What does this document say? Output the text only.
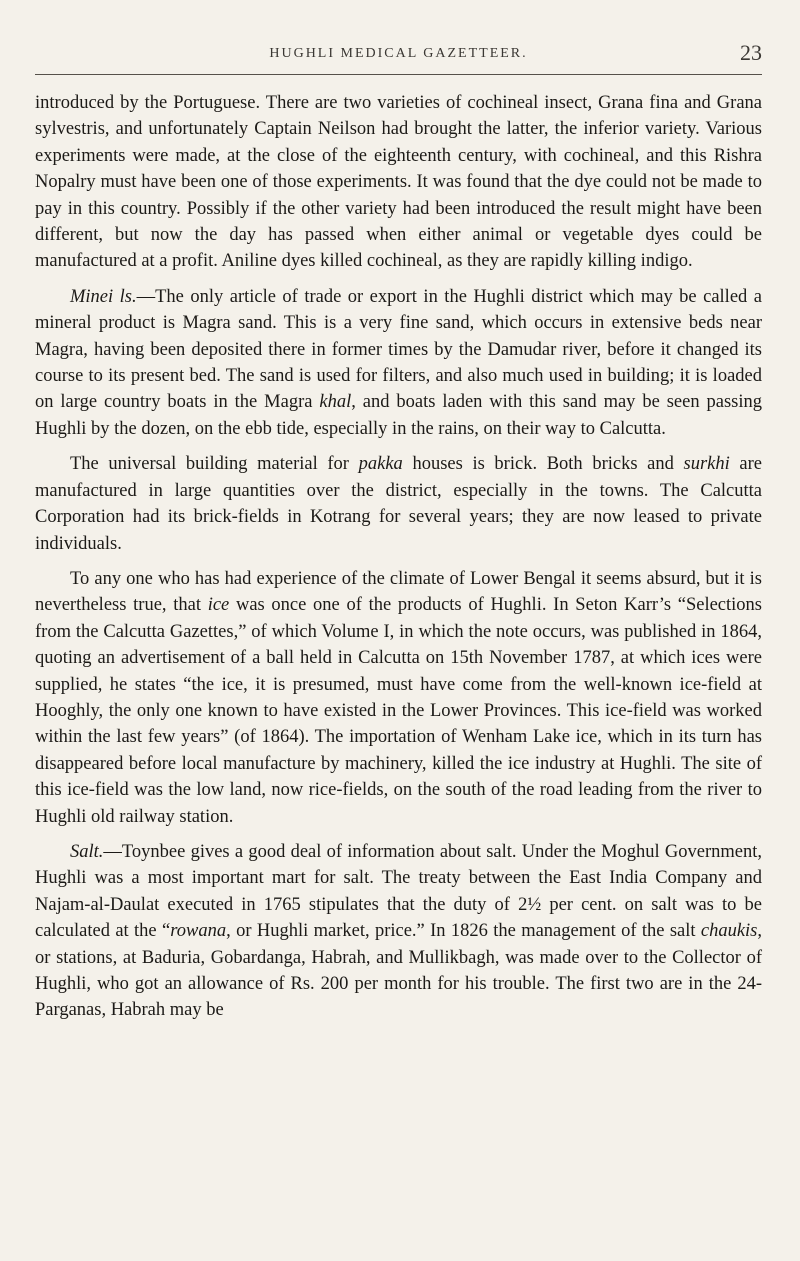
HUGHLI MEDICAL GAZETTEER.	23

introduced by the Portuguese. There are two varieties of cochineal insect, Grana fina and Grana sylvestris, and unfortunately Captain Neilson had brought the latter, the inferior variety. Various experiments were made, at the close of the eighteenth century, with cochineal, and this Rishra Nopalry must have been one of those experiments. It was found that the dye could not be made to pay in this country. Possibly if the other variety had been introduced the result might have been different, but now the day has passed when either animal or vegetable dyes could be manufactured at a profit. Aniline dyes killed cochineal, as they are rapidly killing indigo.

Minei ls.—The only article of trade or export in the Hughli district which may be called a mineral product is Magra sand. This is a very fine sand, which occurs in extensive beds near Magra, having been deposited there in former times by the Damudar river, before it changed its course to its present bed. The sand is used for filters, and also much used in building; it is loaded on large country boats in the Magra khal, and boats laden with this sand may be seen passing Hughli by the dozen, on the ebb tide, especially in the rains, on their way to Calcutta.

The universal building material for pakka houses is brick. Both bricks and surkhi are manufactured in large quantities over the district, especially in the towns. The Calcutta Corporation had its brick-fields in Kotrang for several years; they are now leased to private individuals.

To any one who has had experience of the climate of Lower Bengal it seems absurd, but it is nevertheless true, that ice was once one of the products of Hughli. In Seton Karr’s “Selections from the Calcutta Gazettes,” of which Volume I, in which the note occurs, was published in 1864, quoting an advertisement of a ball held in Calcutta on 15th November 1787, at which ices were supplied, he states “the ice, it is presumed, must have come from the well-known ice-field at Hooghly, the only one known to have existed in the Lower Provinces. This ice-field was worked within the last few years” (of 1864). The importation of Wenham Lake ice, which in its turn has disappeared before local manufacture by machinery, killed the ice industry at Hughli. The site of this ice-field was the low land, now rice-fields, on the south of the road leading from the river to Hughli old railway station.

Salt.—Toynbee gives a good deal of information about salt. Under the Moghul Government, Hughli was a most important mart for salt. The treaty between the East India Company and Najam-al-Daulat executed in 1765 stipulates that the duty of 2½ per cent. on salt was to be calculated at the “rowana, or Hughli market, price.” In 1826 the management of the salt chaukis, or stations, at Baduria, Gobardanga, Habrah, and Mullikbagh, was made over to the Collector of Hughli, who got an allowance of Rs. 200 per month for his trouble. The first two are in the 24-Parganas, Habrah may be
